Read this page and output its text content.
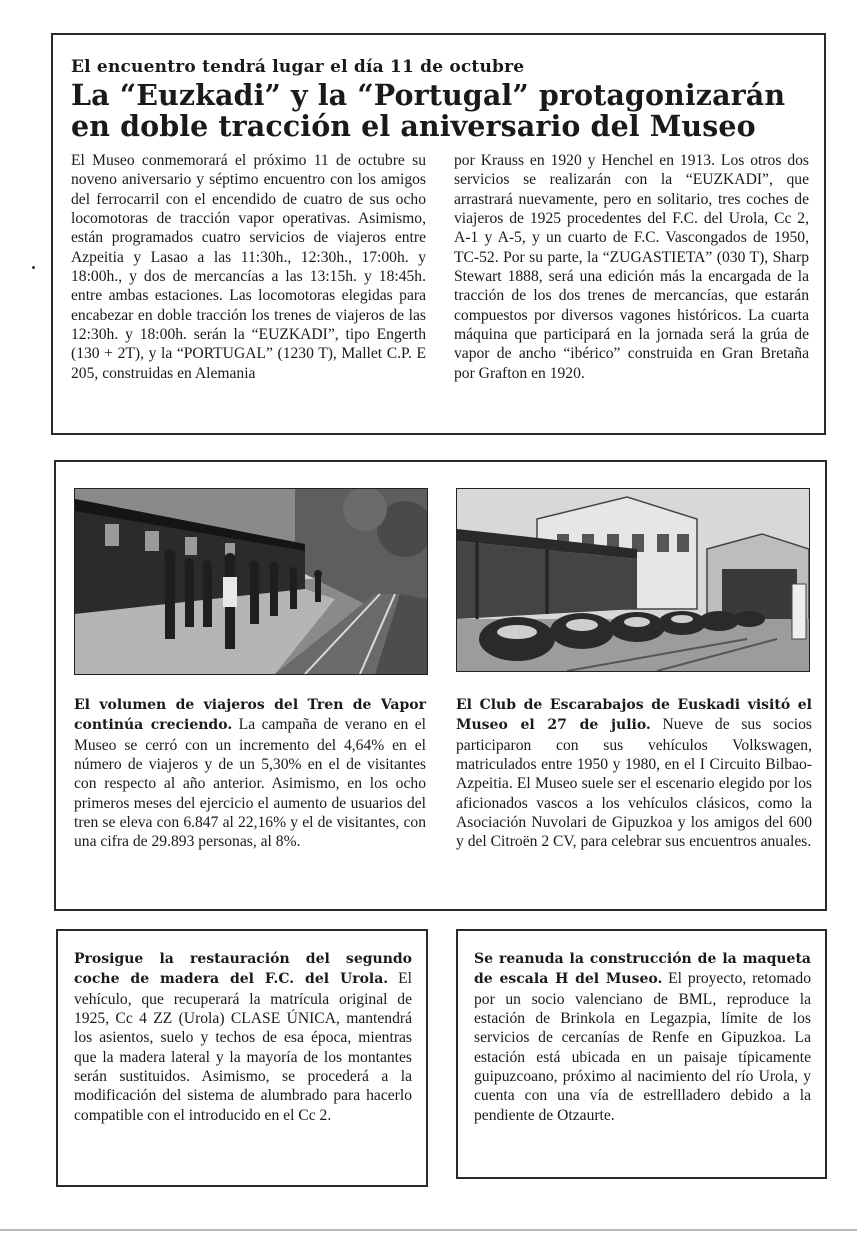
El encuentro tendrá lugar el día 11 de octubre
La “Euzkadi” y la “Portugal” protagonizarán en doble tracción el aniversario del Museo
El Museo conmemorará el próximo 11 de octubre su noveno aniversario y séptimo encuentro con los amigos del ferrocarril con el encendido de cuatro de sus ocho locomotoras de tracción vapor operativas. Asimismo, están programados cuatro servicios de viajeros entre Azpeitia y Lasao a las 11:30h., 12:30h., 17:00h. y 18:00h., y dos de mercancías a las 13:15h. y 18:45h. entre ambas estaciones. Las locomotoras elegidas para encabezar en doble tracción los trenes de viajeros de las 12:30h. y 18:00h. serán la “EUZKADI”, tipo Engerth (130 + 2T), y la “PORTUGAL” (1230 T), Mallet C.P. E 205, construidas en Alemania
por Krauss en 1920 y Henchel en 1913. Los otros dos servicios se realizarán con la “EUZKADI”, que arrastrará nuevamente, pero en solitario, tres coches de viajeros de 1925 procedentes del F.C. del Urola, Cc 2, A-1 y A-5, y un cuarto de F.C. Vascongados de 1950, TC-52. Por su parte, la “ZUGASTIETA” (030 T), Sharp Stewart 1888, será una edición más la encargada de la tracción de los dos trenes de mercancías, que estarán compuestos por diversos vagones históricos. La cuarta máquina que participará en la jornada será la grúa de vapor de ancho “ibérico” construida en Gran Bretaña por Grafton en 1920.
El volumen de viajeros del Tren de Vapor continúa creciendo. La campaña de verano en el Museo se cerró con un incremento del 4,64% en el número de viajeros y de un 5,30% en el de visitantes con respecto al año anterior. Asimismo, en los ocho primeros meses del ejercicio el aumento de usuarios del tren se eleva con 6.847 al 22,16% y el de visitantes, con una cifra de 29.893 personas, al 8%.
El Club de Escarabajos de Euskadi visitó el Museo el 27 de julio. Nueve de sus socios participaron con sus vehículos Volkswagen, matriculados entre 1950 y 1980, en el I Circuito Bilbao-Azpeitia. El Museo suele ser el escenario elegido por los aficionados vascos a los vehículos clásicos, como la Asociación Nuvolari de Gipuzkoa y los amigos del 600 y del Citroën 2 CV, para celebrar sus encuentros anuales.
Prosigue la restauración del segundo coche de madera del F.C. del Urola. El vehículo, que recuperará la matrícula original de 1925, Cc 4 ZZ (Urola) CLASE ÚNICA, mantendrá los asientos, suelo y techos de esa época, mientras que la madera lateral y la mayoría de los montantes serán sustituidos. Asimismo, se procederá a la modificación del sistema de alumbrado para hacerlo compatible con el introducido en el Cc 2.
Se reanuda la construcción de la maqueta de escala H del Museo. El proyecto, retomado por un socio valenciano de BML, reproduce la estación de Brinkola en Legazpia, límite de los servicios de cercanías de Renfe en Gipuzkoa. La estación está ubicada en un paisaje típicamente guipuzcoano, próximo al nacimiento del río Urola, y cuenta con una vía de estrellladero debido a la pendiente de Otzaurte.
